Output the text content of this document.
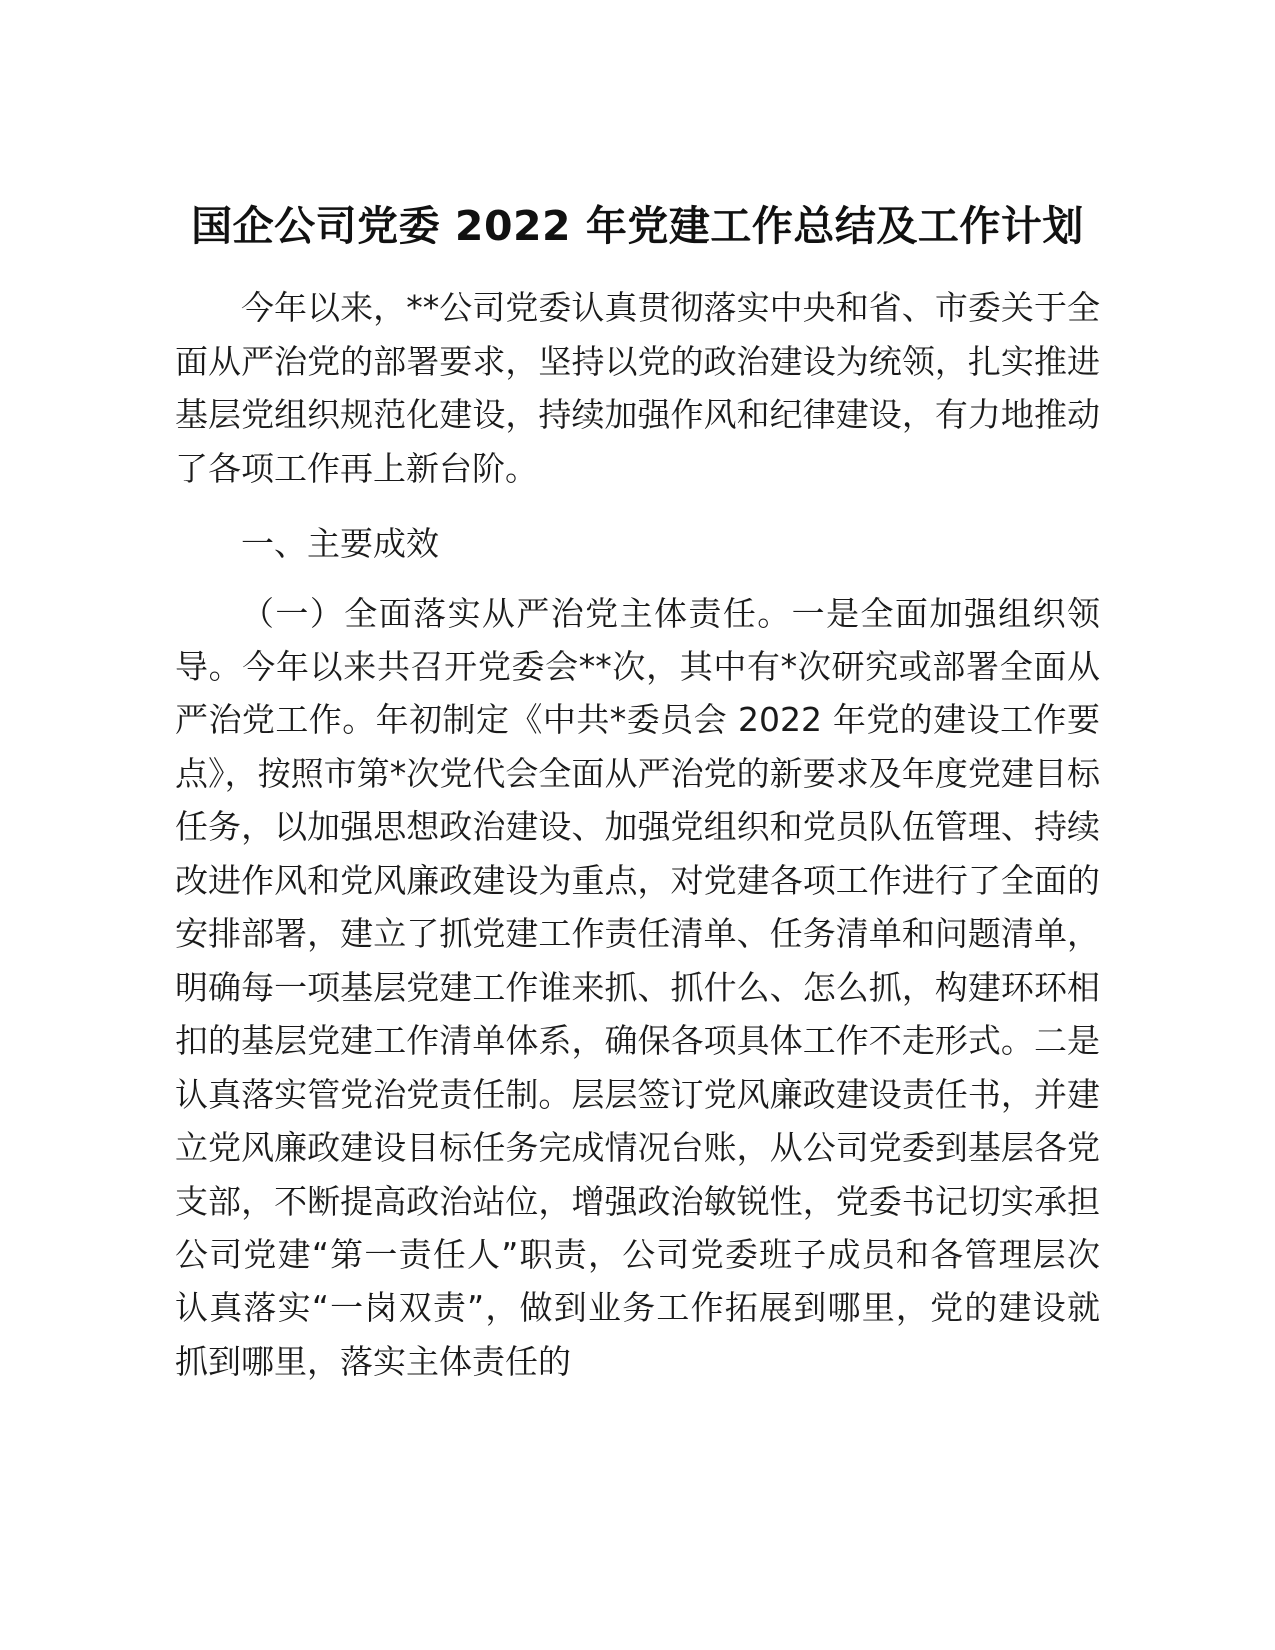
国企公司党委 2022 年党建工作总结及工作计划

今年以来，**公司党委认真贯彻落实中央和省、市委关于全面从严治党的部署要求，坚持以党的政治建设为统领，扎实推进基层党组织规范化建设，持续加强作风和纪律建设，有力地推动了各项工作再上新台阶。

一、主要成效

（一）全面落实从严治党主体责任。一是全面加强组织领导。今年以来共召开党委会**次，其中有*次研究或部署全面从严治党工作。年初制定《中共*委员会 2022 年党的建设工作要点》，按照市第*次党代会全面从严治党的新要求及年度党建目标任务，以加强思想政治建设、加强党组织和党员队伍管理、持续改进作风和党风廉政建设为重点，对党建各项工作进行了全面的安排部署，建立了抓党建工作责任清单、任务清单和问题清单，明确每一项基层党建工作谁来抓、抓什么、怎么抓，构建环环相扣的基层党建工作清单体系，确保各项具体工作不走形式。二是认真落实管党治党责任制。层层签订党风廉政建设责任书，并建立党风廉政建设目标任务完成情况台账，从公司党委到基层各党支部，不断提高政治站位，增强政治敏锐性，党委书记切实承担公司党建“第一责任人”职责，公司党委班子成员和各管理层次认真落实“一岗双责”，做到业务工作拓展到哪里，党的建设就抓到哪里，落实主体责任的
